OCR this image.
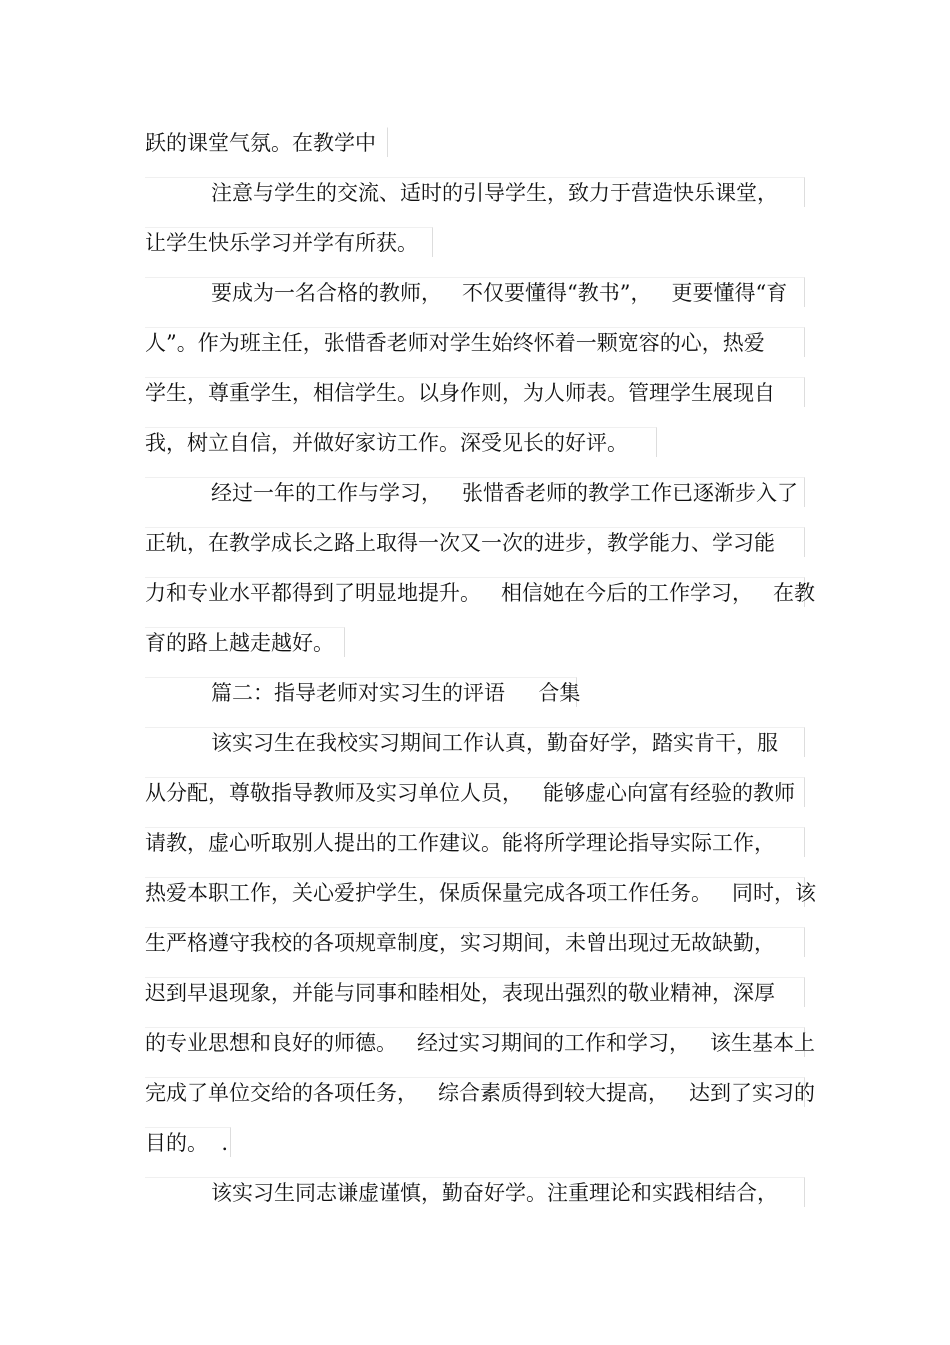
跃的课堂气氛。在教学中
注意与学生的交流、适时的引导学生，致力于营造快乐课堂，
让学生快乐学习并学有所获。
要成为一名合格的教师，   不仅要懂得“教书”，   更要懂得“育
人”。作为班主任，张惜香老师对学生始终怀着一颗宽容的心，热爱
学生，尊重学生，相信学生。以身作则，为人师表。管理学生展现自
我，树立自信，并做好家访工作。深受见长的好评。
经过一年的工作与学习，   张惜香老师的教学工作已逐渐步入了
正轨，在教学成长之路上取得一次又一次的进步，教学能力、学习能
力和专业水平都得到了明显地提升。   相信她在今后的工作学习，   在教
育的路上越走越好。
篇二：指导老师对实习生的评语     合集
该实习生在我校实习期间工作认真，勤奋好学，踏实肯干，服
从分配，尊敬指导教师及实习单位人员，   能够虚心向富有经验的教师
请教，虚心听取别人提出的工作建议。能将所学理论指导实际工作，
热爱本职工作，关心爱护学生，保质保量完成各项工作任务。   同时，该
生严格遵守我校的各项规章制度，实习期间，未曾出现过无故缺勤，
迟到早退现象，并能与同事和睦相处，表现出强烈的敬业精神，深厚
的专业思想和良好的师德。   经过实习期间的工作和学习，   该生基本上
完成了单位交给的各项任务，   综合素质得到较大提高，   达到了实习的
目的。  .
该实习生同志谦虚谨慎，勤奋好学。注重理论和实践相结合，
